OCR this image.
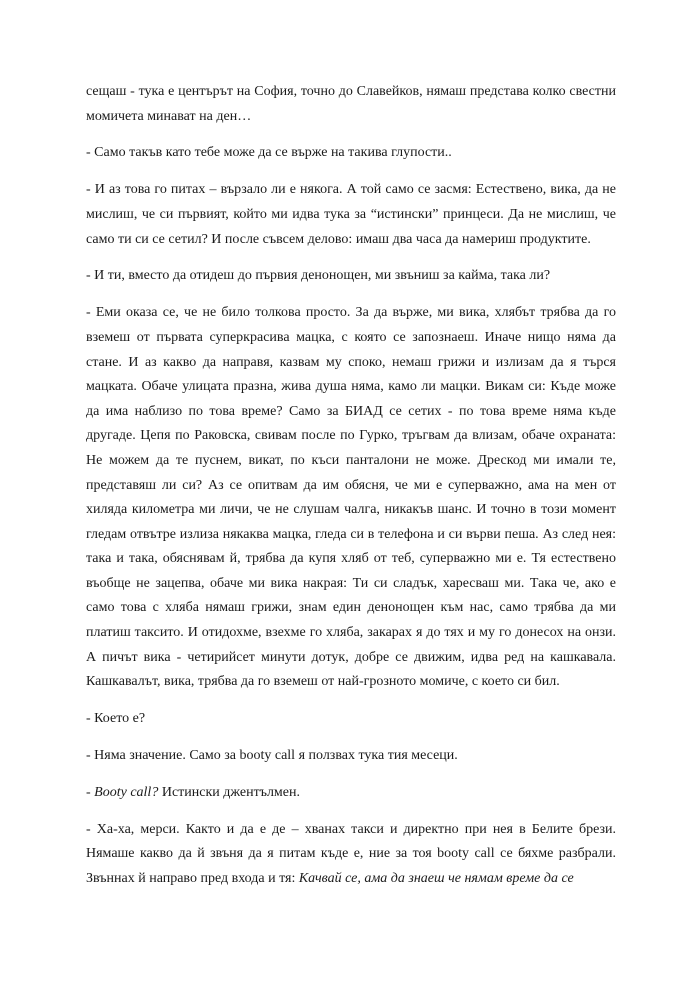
сещаш - тука е центърът на София, точно до Славейков, нямаш представа колко свестни момичета минават на ден…

- Само такъв като тебе може да се върже на такива глупости..

- И аз това го питах – вързало ли е някога. А той само се засмя: Естествено, вика, да не мислиш, че си първият, който ми идва тука за “истински” принцеси. Да не мислиш, че само ти си се сетил? И после съвсем делово: имаш два часа да намериш продуктите.

- И ти, вместо да отидеш до първия денонощен, ми звъниш за кайма, така ли?

- Еми оказа се, че не било толкова просто. За да върже, ми вика, хлябът трябва да го вземеш от първата суперкрасива мацка, с която се запознаеш. Иначе нищо няма да стане. И аз какво да направя, казвам му споко, немаш грижи и излизам да я търся мацката. Обаче улицата празна, жива душа няма, камо ли мацки. Викам си: Къде може да има наблизо по това време? Само за БИАД се сетих - по това време няма къде другаде. Цепя по Раковска, свивам после по Гурко, тръгвам да влизам, обаче охраната: Не можем да те пуснем, викат, по къси панталони не може. Дрескод ми имали те, представяш ли си? Аз се опитвам да им обясня, че ми е суперважно, ама на мен от хиляда километра ми личи, че не слушам чалга, никакъв шанс. И точно в този момент гледам отвътре излиза някаква мацка, гледа си в телефона и си върви пеша. Аз след нея: така и така, обяснявам й, трябва да купя хляб от теб, суперважно ми е. Тя естествено въобще не зацепва, обаче ми вика накрая: Ти си сладък, харесваш ми. Така че, ако е само това с хляба нямаш грижи, знам един денонощен към нас, само трябва да ми платиш таксито. И отидохме, взехме го хляба, закарах я до тях и му го донесох на онзи. А пичът вика - четирийсет минути дотук, добре се движим, идва ред на кашкавала. Кашкавалът, вика, трябва да го вземеш от най-грозното момиче, с което си бил.

- Което е?

- Няма значение. Само за booty call я ползвах тука тия месеци.

- Booty call? Истински джентълмен.

- Ха-ха, мерси. Както и да е де – хванах такси и директно при нея в Белите брези. Нямаше какво да й звъня да я питам къде е, ние за тоя booty call се бяхме разбрали. Звъннах й направо пред входа и тя: Качвай се, ама да знаеш че нямам време да се
